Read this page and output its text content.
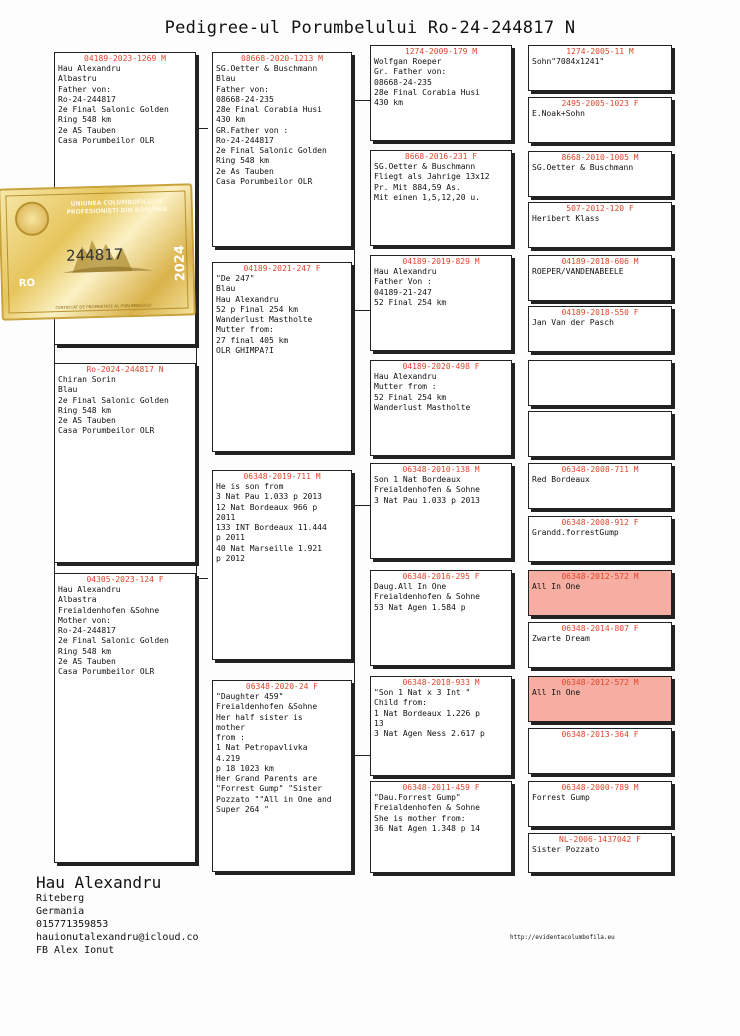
Pedigree-ul Porumbelului Ro-24-244817 N
04189-2023-1269 M
Hau Alexandru
Albastru
Father von:
Ro-24-244817
2e Final Salonic Golden
Ring 548 km
2e AS Tauben
Casa Porumbeilor OLR
Ro-2024-244817 N
Chiran Sorin
Blau
2e Final Salonic Golden
Ring 548 km
2e AS Tauben
Casa Porumbeilor OLR
04305-2023-124 F
Hau Alexandru
Albastra
Freialdenhofen &Sohne
Mother von:
Ro-24-244817
2e Final Salonic Golden
Ring 548 km
2e AS Tauben
Casa Porumbeilor OLR
08668-2020-1213 M
SG.Oetter & Buschmann
Blau
Father von:
08668-24-235
28e Final Corabia Husi
430 km
GR.Father von :
Ro-24-244817
2e Final Salonic Golden
Ring 548 km
2e As Tauben
Casa Porumbeilor OLR
04189-2021-247 F
"De 247"
Blau
Hau Alexandru
52 p Final 254 km
Wanderlust Mastholte
Mutter from:
27 final 405 km
OLR GHIMPA?I
06348-2019-711 M
He is son from
3 Nat Pau 1.033 p 2013
12 Nat Bordeaux 966 p
2011
133 INT Bordeaux 11.444
p 2011
40 Nat Marseille 1.921
p 2012
06348-2020-24 F
"Daughter 459"
Freialdenhofen &Sohne
Her half sister is
mother
from :
1 Nat Petropavlivka
4.219
p 18 1023 km
Her Grand Parents are
"Forrest Gump" "Sister
Pozzato ""All in One and
Super 264 "
1274-2009-179 M
Wolfgan Roeper
Gr. Father von:
08668-24-235
28e Final Corabia Husi
430 km
8668-2016-231 F
SG.Oetter & Buschmann
Fliegt als Jahrige 13x12
Pr. Mit 884,59 As.
Mit einen 1,5,12,20 u.
04189-2019-829 M
Hau Alexandru
Father Von :
04189-21-247
52 Final 254 km
04189-2020-498 F
Hau Alexandru
Mutter from :
52 Final 254 km
Wanderlust Mastholte
06348-2010-138 M
Son 1 Nat Bordeaux
Freialdenhofen & Sohne
3 Nat Pau 1.033 p 2013
06348-2016-295 F
Daug.All In One
Freialdenhofen & Sohne
53 Nat Agen 1.584 p
06348-2018-933 M
"Son 1 Nat x 3 Int "
Child from:
1 Nat Bordeaux 1.226 p
13
3 Nat Agen Ness 2.617 p
06348-2011-459 F
"Dau.Forrest Gump"
Freialdenhofen & Sohne
She is mother from:
36 Nat Agen 1.348 p 14
1274-2005-11 M
Sohn"7084x1241"
2495-2005-1023 F
E.Noak+Sohn
8668-2010-1005 M
SG.Oetter & Buschmann
507-2012-120 F
Heribert Klass
04189-2018-606 M
ROEPER/VANDENABEELE
04189-2018-550 F
Jan Van der Pasch
06348-2008-711 M
Red Bordeaux
06348-2008-912 F
Grandd.forrestGump
06348-2012-572 M
All In One
06348-2014-807 F
Zwarte Dream
06348-2012-572 M
All In One
06348-2013-364 F
06348-2000-789 M
Forrest Gump
NL-2006-1437042 F
Sister Pozzato
UNIUNEA COLUMBOFILILOR PROFESIONIȘTI DIN ROMÂNIA
244817
RO
2024
CERTIFICAT DE PROPRIETATE AL PORUMBELULUI
Hau Alexandru
Riteberg
Germania
015771359853
hauionutalexandru@icloud.co
FB Alex Ionut
http://evidentacolumbofila.eu
